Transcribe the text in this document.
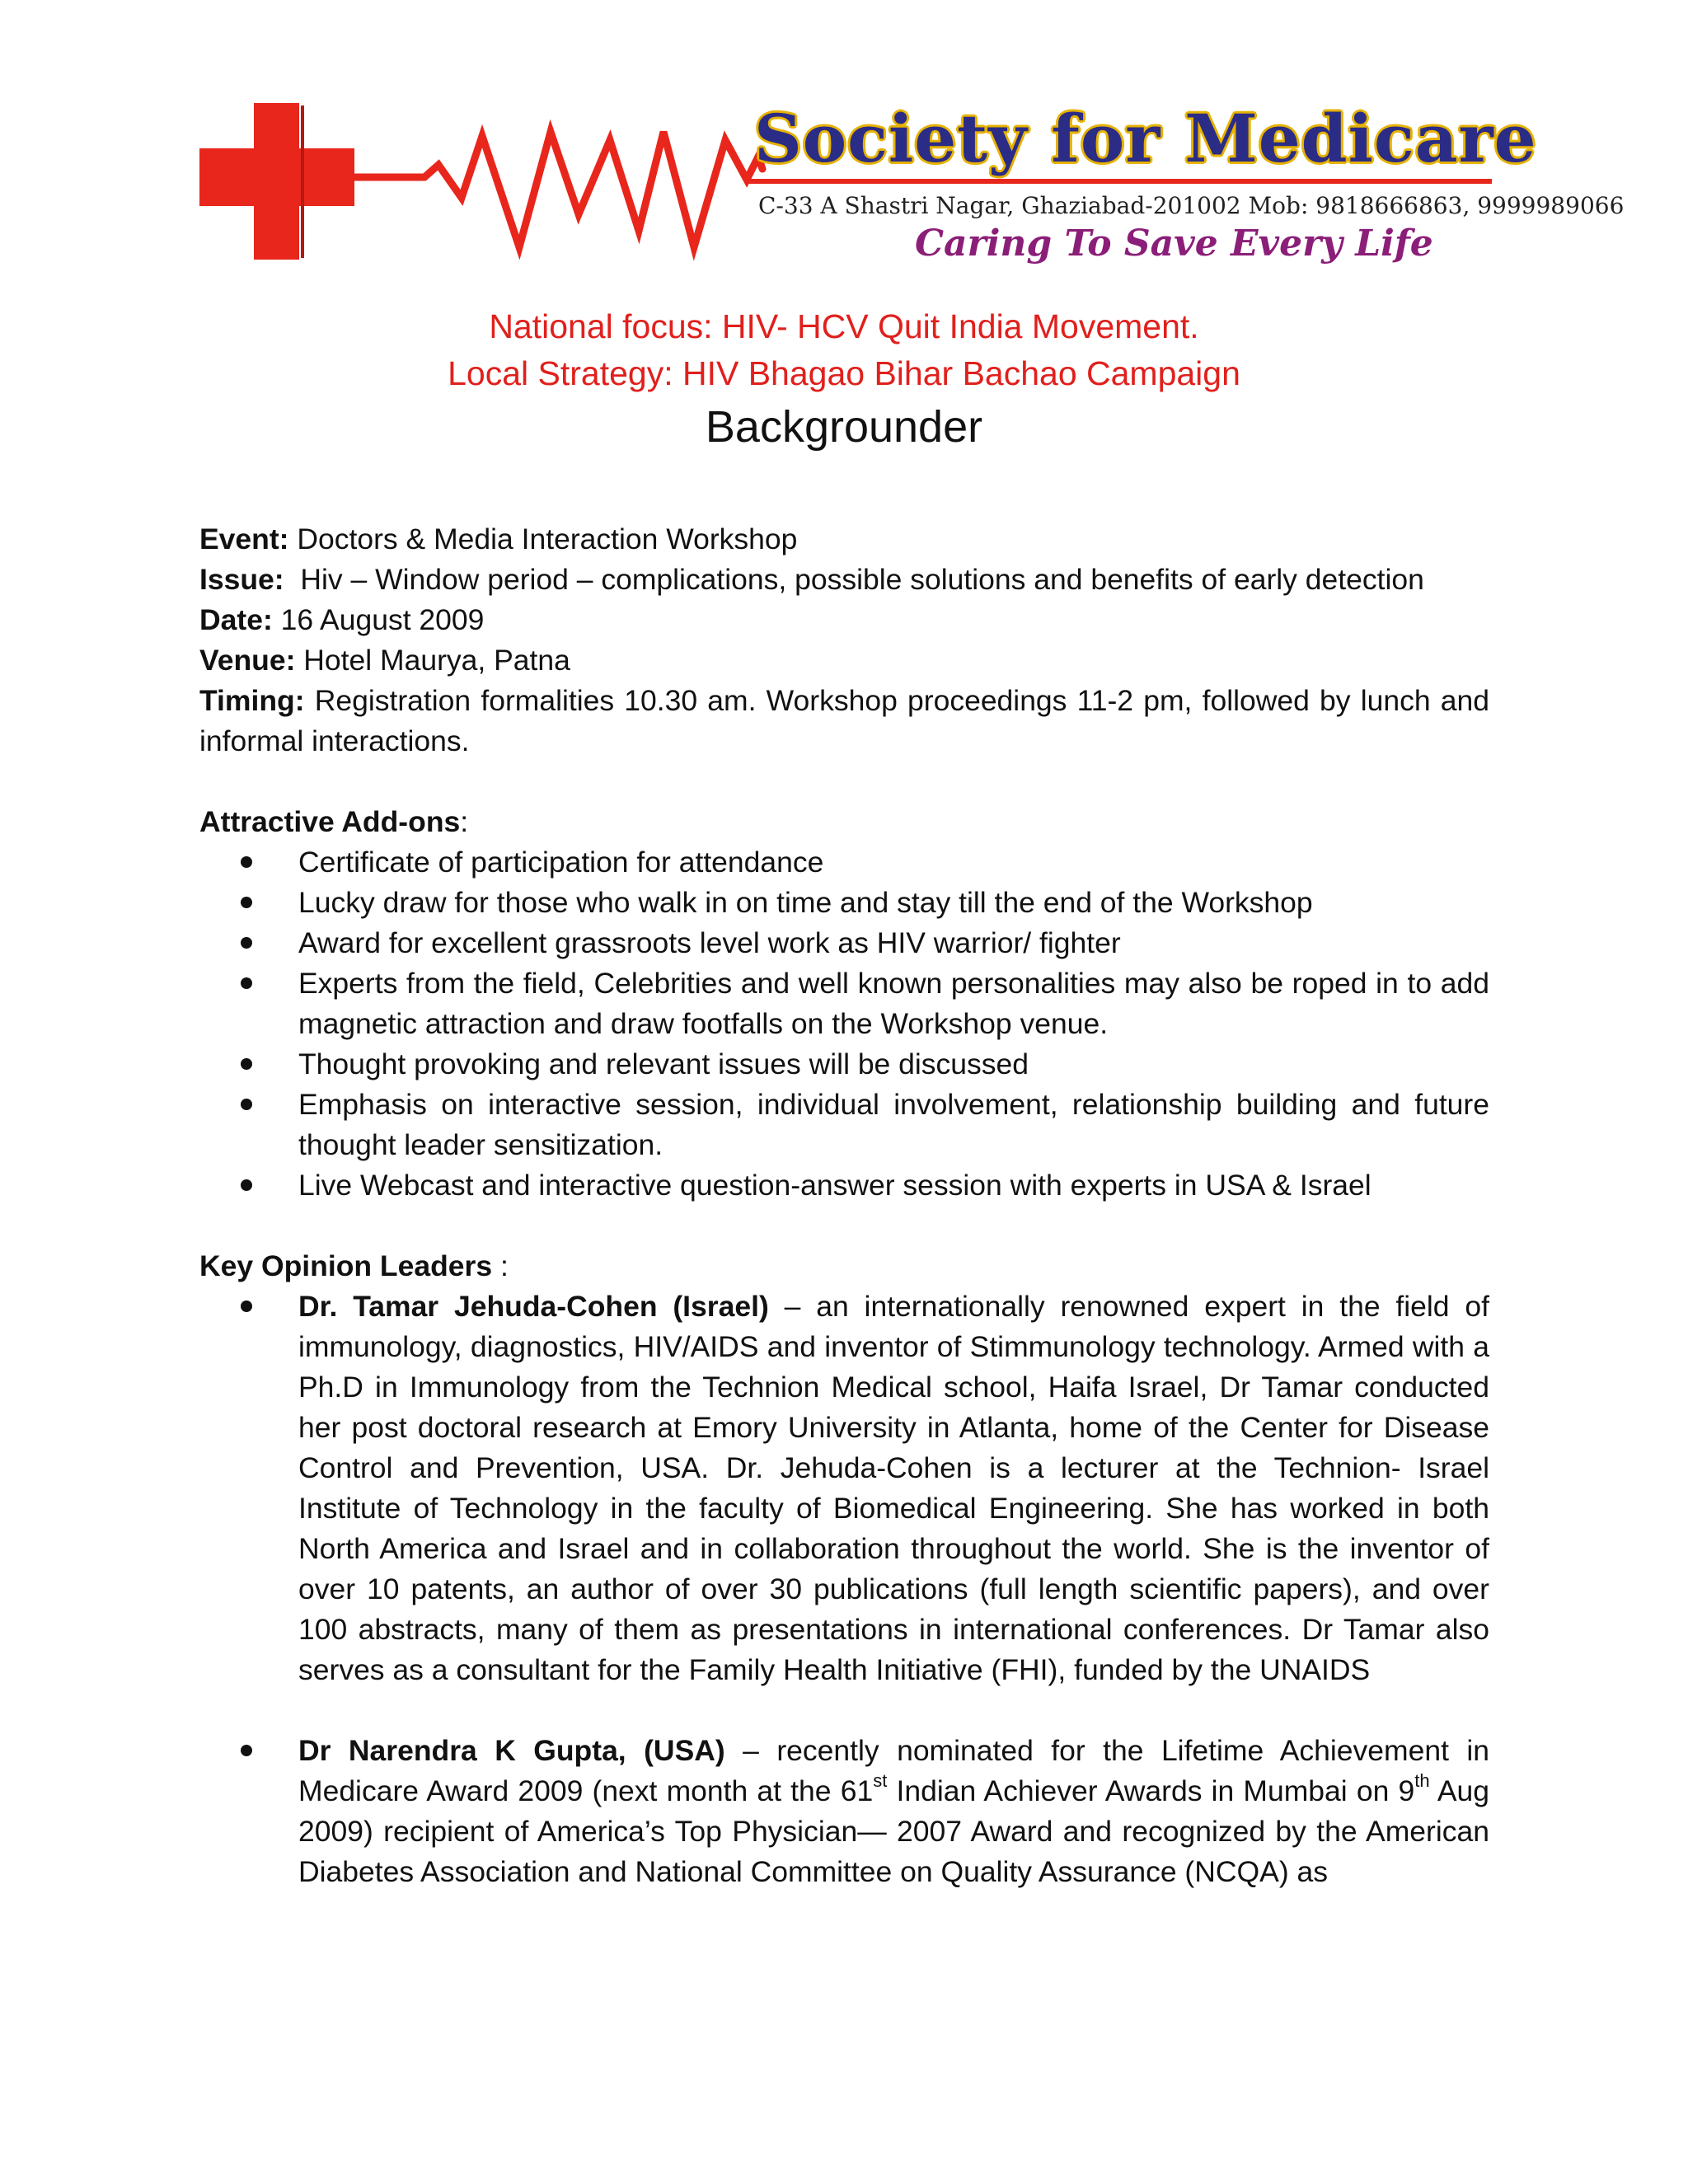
Society for Medicare
C-33 A Shastri Nagar, Ghaziabad-201002 Mob: 9818666863, 9999989066
Caring To Save Every Life
National focus: HIV- HCV Quit India Movement.
Local Strategy: HIV Bhagao Bihar Bachao Campaign
Backgrounder

Event: Doctors & Media Interaction Workshop

Issue:  Hiv – Window period – complications, possible solutions and benefits of early detection

Date: 16 August 2009

Venue: Hotel Maurya, Patna

Timing: Registration formalities 10.30 am. Workshop proceedings 11-2 pm, followed by lunch and informal interactions.

Attractive Add-ons:

Certificate of participation for attendance
Lucky draw for those who walk in on time and stay till the end of the Workshop
Award for excellent grassroots level work as HIV warrior/ fighter
Experts from the field, Celebrities and well known personalities may also be roped in to add magnetic attraction and draw footfalls on the Workshop venue.
Thought provoking and relevant issues will be discussed
Emphasis on interactive session, individual involvement, relationship building and future thought leader sensitization.
Live Webcast and interactive question-answer session with experts in USA & Israel

Key Opinion Leaders :

Dr. Tamar Jehuda-Cohen (Israel) – an internationally renowned expert in the field of immunology, diagnostics, HIV/AIDS and inventor of Stimmunology technology. Armed with a Ph.D in Immunology from the Technion Medical school, Haifa Israel, Dr Tamar conducted her post doctoral research at Emory University in Atlanta, home of the Center for Disease Control and Prevention, USA. Dr. Jehuda-Cohen is a lecturer at the Technion- Israel Institute of Technology in the faculty of Biomedical Engineering. She has worked in both North America and Israel and in collaboration throughout the world. She is the inventor of over 10 patents, an author of over 30 publications (full length scientific papers), and over 100 abstracts, many of them as presentations in international conferences. Dr Tamar also serves as a consultant for the Family Health Initiative (FHI), funded by the UNAIDS
Dr Narendra K Gupta, (USA) – recently nominated for the Lifetime Achievement in Medicare Award 2009 (next month at the 61st Indian Achiever Awards in Mumbai on 9th Aug 2009) recipient of America’s Top Physician— 2007 Award and recognized by the American Diabetes Association and National Committee on Quality Assurance (NCQA) as
